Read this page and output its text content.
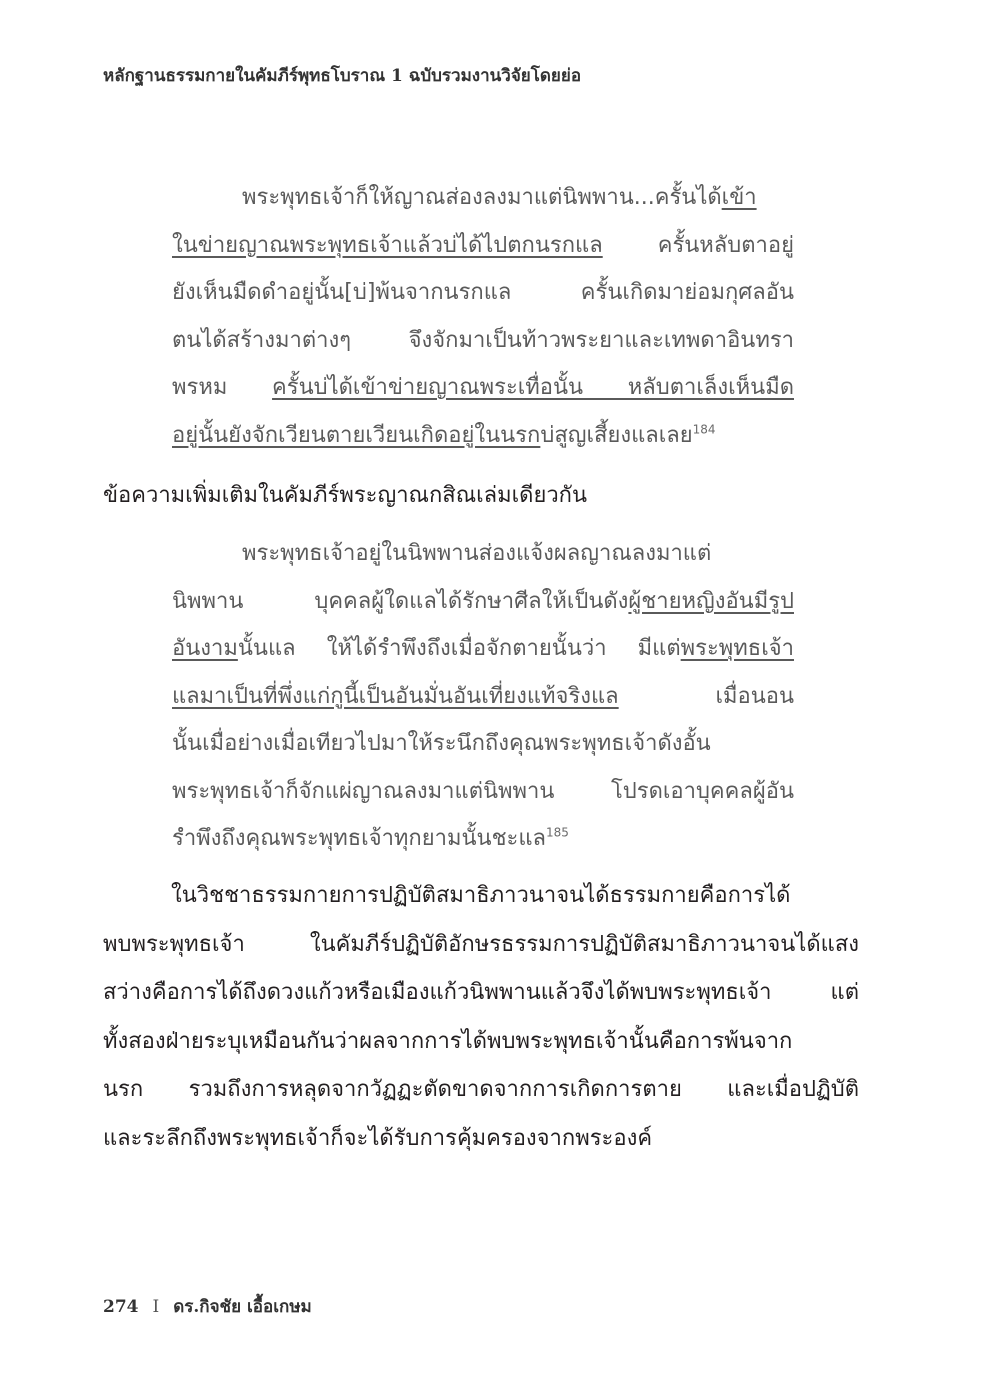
หลักฐานธรรมกายในคัมภีร์พุทธโบราณ 1 ฉบับรวมงานวิจัยโดยย่อ
พระพุทธเจ้าก็ให้ญาณส่องลงมาแต่นิพพาน...ครั้นได้เข้า
ในข่ายญาณพระพุทธเจ้าแล้วบ่ได้ไปตกนรกแล ครั้นหลับตาอยู่
ยังเห็นมืดดำอยู่นั้น[บ่]พ้นจากนรกแล ครั้นเกิดมาย่อมกุศลอัน
ตนได้สร้างมาต่างๆ จึงจักมาเป็นท้าวพระยาและเทพดาอินทรา
พรหม ครั้นบ่ได้เข้าข่ายญาณพระเทื่อนั้น หลับตาเล็งเห็นมืด
อยู่นั้นยังจักเวียนตายเวียนเกิดอยู่ในนรกบ่สูญเสี้ยงแลเลย$^{184}$
ข้อความเพิ่มเติมในคัมภีร์พระญาณกสิณเล่มเดียวกัน
พระพุทธเจ้าอยู่ในนิพพานส่องแจ้งผลญาณลงมาแต่
นิพพาน บุคคลผู้ใดแลได้รักษาศีลให้เป็นดังผู้ชายหญิงอันมีรูป
อันงามนั้นแล ให้ได้รำพึงถึงเมื่อจักตายนั้นว่า มีแต่พระพุทธเจ้า
แลมาเป็นที่พึ่งแก่กูนี้เป็นอันมั่นอันเที่ยงแท้จริงแล เมื่อนอน
นั้นเมื่อย่างเมื่อเทียวไปมาให้ระนึกถึงคุณพระพุทธเจ้าดังอั้น
พระพุทธเจ้าก็จักแผ่ญาณลงมาแต่นิพพาน โปรดเอาบุคคลผู้อัน
รำพึงถึงคุณพระพุทธเจ้าทุกยามนั้นชะแล$^{185}$
ในวิชชาธรรมกายการปฏิบัติสมาธิภาวนาจนได้ธรรมกายคือการได้
พบพระพุทธเจ้า ในคัมภีร์ปฏิบัติอักษรธรรมการปฏิบัติสมาธิภาวนาจนได้แสง
สว่างคือการได้ถึงดวงแก้วหรือเมืองแก้วนิพพานแล้วจึงได้พบพระพุทธเจ้า แต่
ทั้งสองฝ่ายระบุเหมือนกันว่าผลจากการได้พบพระพุทธเจ้านั้นคือการพ้นจาก
นรก รวมถึงการหลุดจากวัฏฏะตัดขาดจากการเกิดการตาย และเมื่อปฏิบัติ
และระลึกถึงพระพุทธเจ้าก็จะได้รับการคุ้มครองจากพระองค์
274 I ดร.กิจชัย เอื้อเกษม
